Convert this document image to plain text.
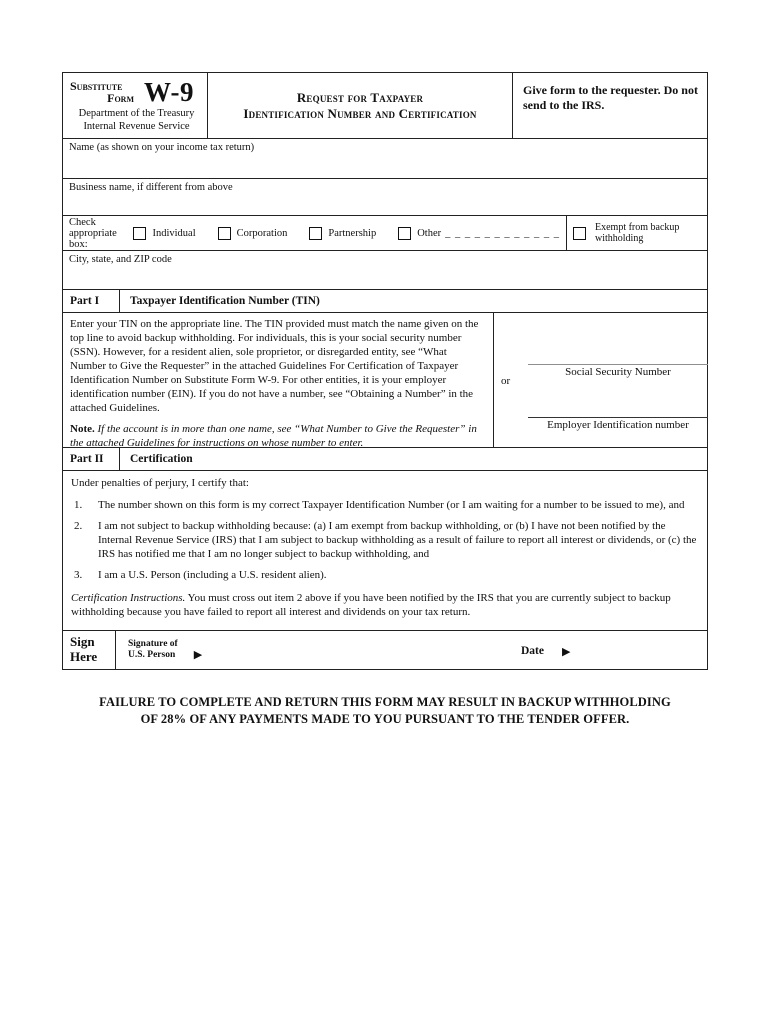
Substitute
Form W-9
Department of the Treasury
Internal Revenue Service
Request for Taxpayer
Identification Number and Certification
Give form to the requester. Do not send to the IRS.
Name (as shown on your income tax return)
Business name, if different from above
Check appropriate box:
Individual	Corporation	Partnership	Other _ _ _ _ _ _ _ _ _ _ _ _
Exempt from backup withholding
City, state, and ZIP code
Part I	Taxpayer Identification Number (TIN)
Enter your TIN on the appropriate line. The TIN provided must match the name given on the top line to avoid backup withholding. For individuals, this is your social security number (SSN). However, for a resident alien, sole proprietor, or disregarded entity, see “What Number to Give the Requester” in the attached Guidelines For Certification of Taxpayer Identification Number on Substitute Form W-9. For other entities, it is your employer identification number (EIN). If you do not have a number, see “Obtaining a Number” in the attached Guidelines.
Note. If the account is in more than one name, see “What Number to Give the Requester” in the attached Guidelines for instructions on whose number to enter.
Social Security Number
or
Employer Identification number
Part II	Certification
Under penalties of perjury, I certify that:
1.	The number shown on this form is my correct Taxpayer Identification Number (or I am waiting for a number to be issued to me), and
2.	I am not subject to backup withholding because: (a) I am exempt from backup withholding, or (b) I have not been notified by the Internal Revenue Service (IRS) that I am subject to backup withholding as a result of failure to report all interest or dividends, or (c) the IRS has notified me that I am no longer subject to backup withholding, and
3.	I am a U.S. Person (including a U.S. resident alien).
Certification Instructions. You must cross out item 2 above if you have been notified by the IRS that you are currently subject to backup withholding because you have failed to report all interest and dividends on your tax return.
Sign
Here
Signature of
U.S. Person ▶	Date ▶
FAILURE TO COMPLETE AND RETURN THIS FORM MAY RESULT IN BACKUP WITHHOLDING
OF 28% OF ANY PAYMENTS MADE TO YOU PURSUANT TO THE TENDER OFFER.
